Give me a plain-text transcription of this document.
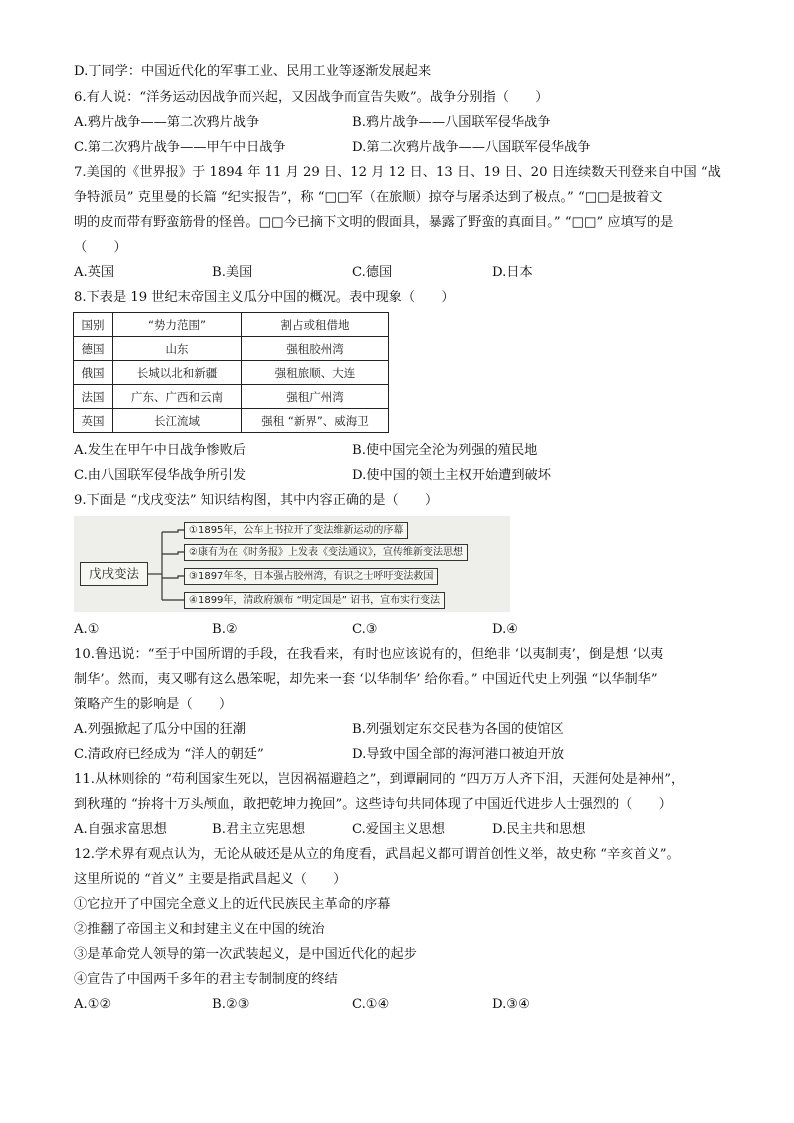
D.丁同学：中国近代化的军事工业、民用工业等逐渐发展起来
6.有人说：“洋务运动因战争而兴起，又因战争而宣告失败”。战争分别指（　　）
A.鸦片战争——第二次鸦片战争	B.鸦片战争——八国联军侵华战争
C.第二次鸦片战争——甲午中日战争	D.第二次鸦片战争——八国联军侵华战争
7.美国的《世界报》于 1894 年 11 月 29 日、12 月 12 日、13 日、19 日、20 日连续数天刊登来自中国 “战
争特派员” 克里曼的长篇 “纪实报告”，称 “□□军（在旅顺）掠夺与屠杀达到了极点。” “□□是披着文
明的皮而带有野蛮筋骨的怪兽。□□今已摘下文明的假面具，暴露了野蛮的真面目。” “□□” 应填写的是
（　　）
A.英国	B.美国	C.德国	D.日本
8.下表是 19 世纪末帝国主义瓜分中国的概况。表中现象（　　）
国别	“势力范围”	割占或租借地
德国	山东	强租胶州湾
俄国	长城以北和新疆	强租旅顺、大连
法国	广东、广西和云南	强租广州湾
英国	长江流域	强租 “新界”、威海卫
A.发生在甲午中日战争惨败后	B.使中国完全沦为列强的殖民地
C.由八国联军侵华战争所引发	D.使中国的领土主权开始遭到破坏
9.下面是 “戊戌变法” 知识结构图，其中内容正确的是（　　）
戊戌变法
①1895年，公车上书拉开了变法维新运动的序幕
②康有为在《时务报》上发表《变法通议》，宣传维新变法思想
③1897年冬，日本强占胶州湾，有识之士呼吁变法救国
④1899年，清政府颁布 “明定国是” 诏书，宣布实行变法
A.①	B.②	C.③	D.④
10.鲁迅说：“至于中国所谓的手段，在我看来，有时也应该说有的，但绝非 ‘以夷制夷’，倒是想 ‘以夷
制华’。然而，夷又哪有这么愚笨呢，却先来一套 ‘以华制华’ 给你看。” 中国近代史上列强 “以华制华”
策略产生的影响是（　　）
A.列强掀起了瓜分中国的狂潮	B.列强划定东交民巷为各国的使馆区
C.清政府已经成为 “洋人的朝廷”	D.导致中国全部的海河港口被迫开放
11.从林则徐的 “苟利国家生死以，岂因祸福避趋之”，到谭嗣同的 “四万万人齐下泪，天涯何处是神州”，
到秋瑾的 “拚将十万头颅血，敢把乾坤力挽回”。这些诗句共同体现了中国近代进步人士强烈的（　　）
A.自强求富思想	B.君主立宪思想	C.爱国主义思想	D.民主共和思想
12.学术界有观点认为，无论从破还是从立的角度看，武昌起义都可谓首创性义举，故史称 “辛亥首义”。
这里所说的 “首义” 主要是指武昌起义（　　）
①它拉开了中国完全意义上的近代民族民主革命的序幕
②推翻了帝国主义和封建主义在中国的统治
③是革命党人领导的第一次武装起义，是中国近代化的起步
④宣告了中国两千多年的君主专制制度的终结
A.①②	B.②③	C.①④	D.③④
